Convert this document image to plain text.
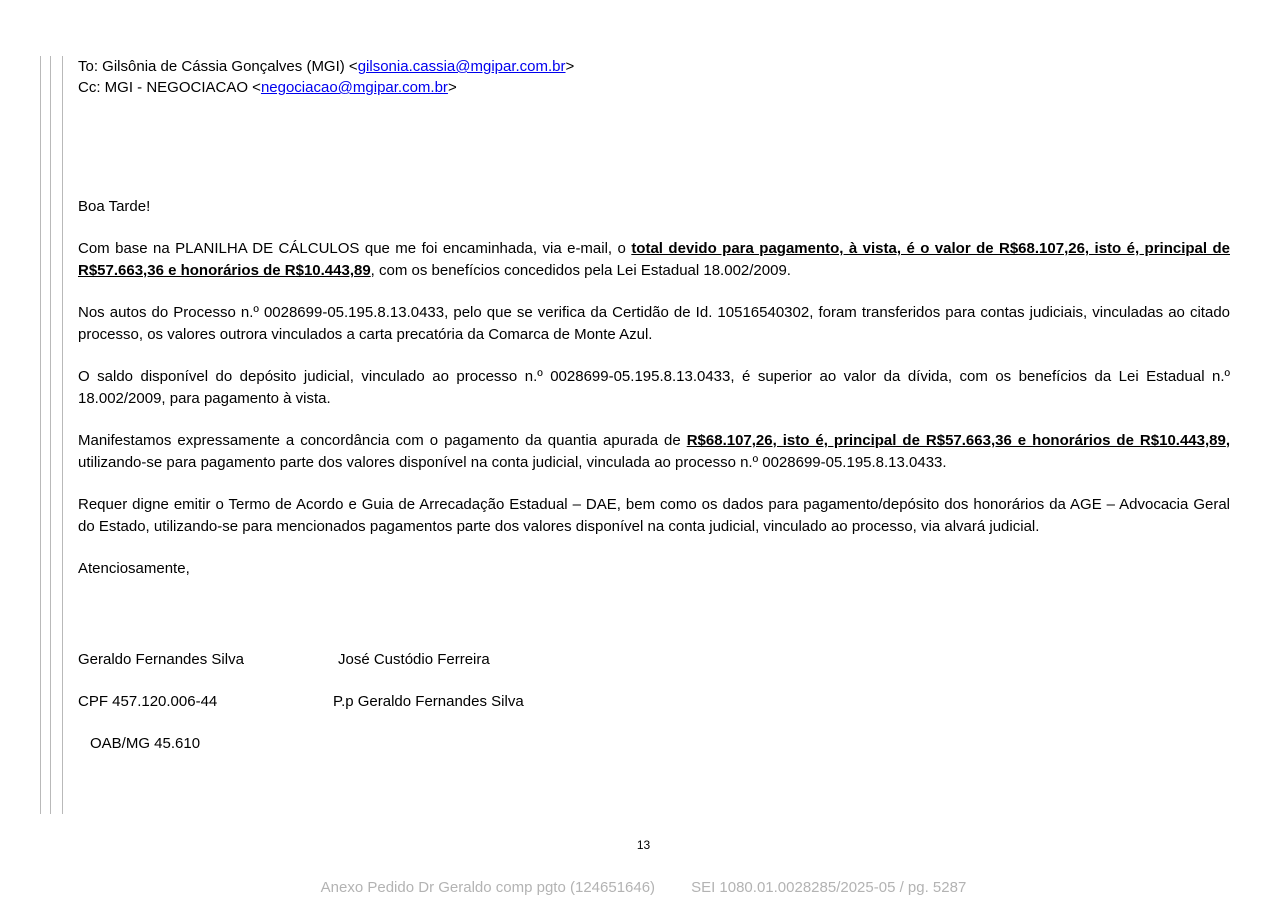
To: Gilsônia de Cássia Gonçalves (MGI) <gilsonia.cassia@mgipar.com.br>
Cc: MGI - NEGOCIACAO <negociacao@mgipar.com.br>

Boa Tarde!

Com base na PLANILHA DE CÁLCULOS que me foi encaminhada, via e-mail, o total devido para pagamento, à vista, é o valor de R$68.107,26, isto é, principal de R$57.663,36 e honorários de R$10.443,89, com os benefícios concedidos pela Lei Estadual 18.002/2009.

Nos autos do Processo n.º 0028699-05.195.8.13.0433, pelo que se verifica da Certidão de Id. 10516540302, foram transferidos para contas judiciais, vinculadas ao citado processo, os valores outrora vinculados a carta precatória da Comarca de Monte Azul.

O saldo disponível do depósito judicial, vinculado ao processo n.º 0028699-05.195.8.13.0433, é superior ao valor da dívida, com os benefícios da Lei Estadual n.º 18.002/2009, para pagamento à vista.

Manifestamos expressamente a concordância com o pagamento da quantia apurada de R$68.107,26, isto é, principal de R$57.663,36 e honorários de R$10.443,89, utilizando-se para pagamento parte dos valores disponível na conta judicial, vinculada ao processo n.º 0028699-05.195.8.13.0433.

Requer digne emitir o Termo de Acordo e Guia de Arrecadação Estadual – DAE, bem como os dados para pagamento/depósito dos honorários da AGE – Advocacia Geral do Estado, utilizando-se para mencionados pagamentos parte dos valores disponível na conta judicial, vinculado ao processo, via alvará judicial.

Atenciosamente,

Geraldo Fernandes Silva	José Custódio Ferreira
CPF 457.120.006-44	P.p Geraldo Fernandes Silva
OAB/MG 45.610
13
Anexo Pedido Dr Geraldo comp pgto (124651646) SEI 1080.01.0028285/2025-05 / pg. 5287
